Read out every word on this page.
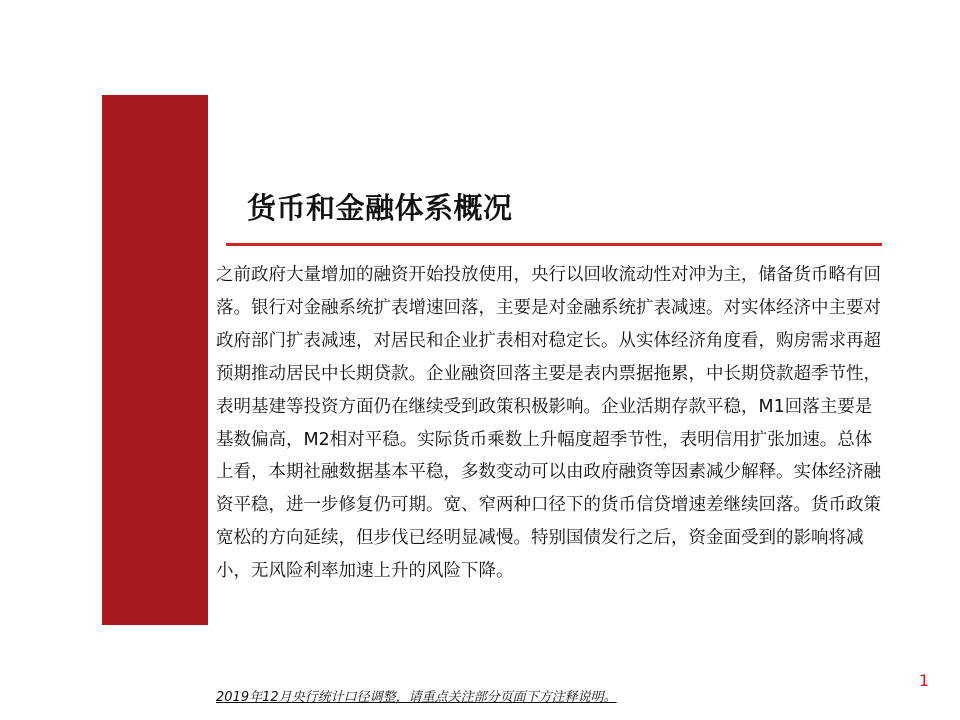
货币和金融体系概况

之前政府大量增加的融资开始投放使用，央行以回收流动性对冲为主，储备货币略有回
落。银行对金融系统扩表增速回落，主要是对金融系统扩表减速。对实体经济中主要对
政府部门扩表减速，对居民和企业扩表相对稳定长。从实体经济角度看，购房需求再超
预期推动居民中长期贷款。企业融资回落主要是表内票据拖累，中长期贷款超季节性，
表明基建等投资方面仍在继续受到政策积极影响。企业活期存款平稳，M1回落主要是
基数偏高，M2相对平稳。实际货币乘数上升幅度超季节性，表明信用扩张加速。总体
上看，本期社融数据基本平稳，多数变动可以由政府融资等因素减少解释。实体经济融
资平稳，进一步修复仍可期。宽、窄两种口径下的货币信贷增速差继续回落。货币政策
宽松的方向延续，但步伐已经明显减慢。特别国债发行之后，资金面受到的影响将减
小，无风险利率加速上升的风险下降。

1
2019年12月央行统计口径调整，请重点关注部分页面下方注释说明。
